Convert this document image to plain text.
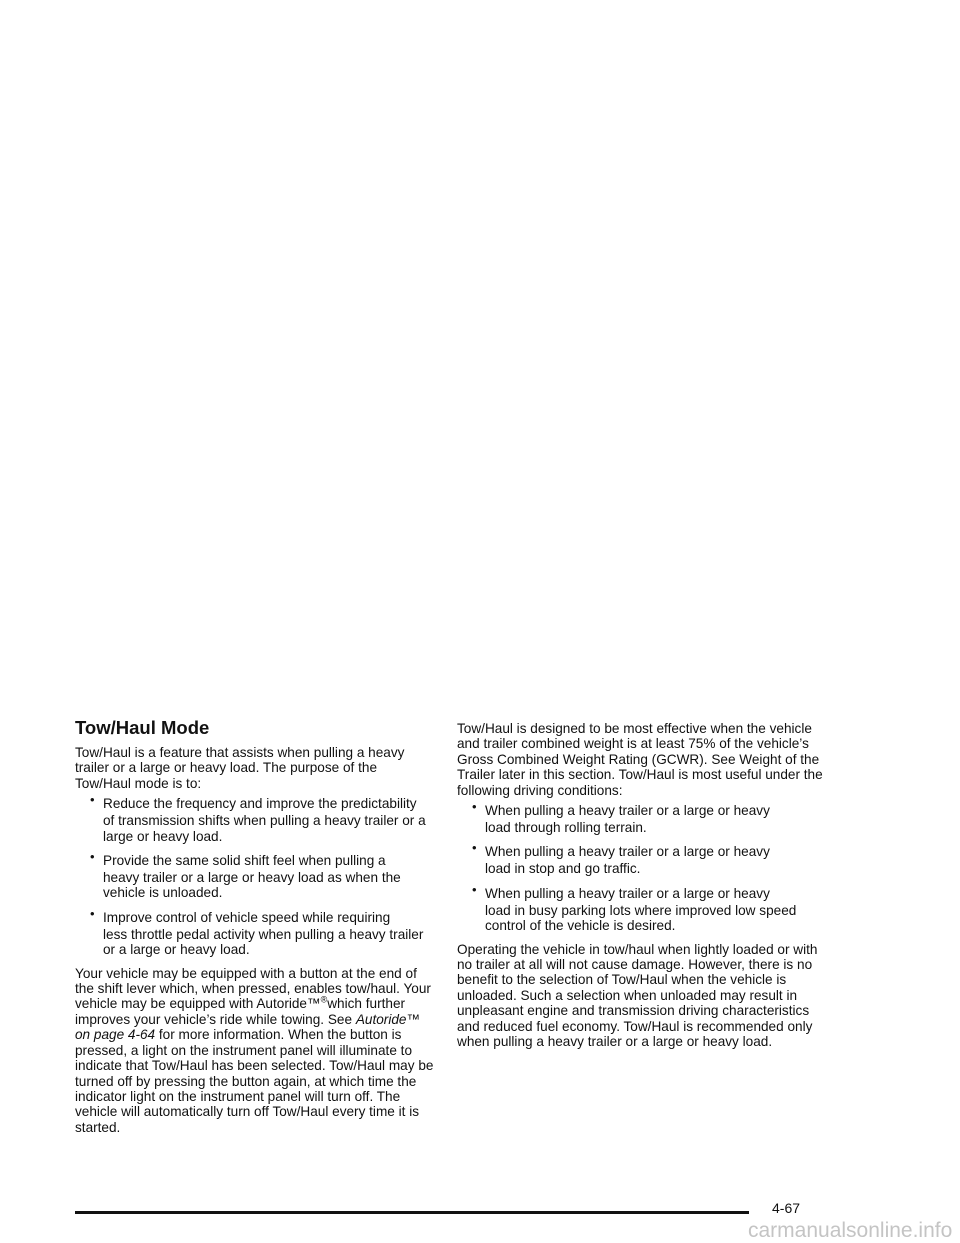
Tow/Haul Mode

Tow/Haul is a feature that assists when pulling a heavy trailer or a large or heavy load. The purpose of the Tow/Haul mode is to:

• Reduce the frequency and improve the predictability
of transmission shifts when pulling a heavy trailer or a large or heavy load.
• Provide the same solid shift feel when pulling a
heavy trailer or a large or heavy load as when the vehicle is unloaded.
• Improve control of vehicle speed while requiring
less throttle pedal activity when pulling a heavy trailer or a large or heavy load.

Your vehicle may be equipped with a button at the end of the shift lever which, when pressed, enables tow/haul. Your vehicle may be equipped with Autoride™®which further improves your vehicle’s ride while towing. See Autoride™ on page 4-64 for more information. When the button is pressed, a light on the instrument panel will illuminate to indicate that Tow/Haul has been selected. Tow/Haul may be turned off by pressing the button again, at which time the indicator light on the instrument panel will turn off. The vehicle will automatically turn off Tow/Haul every time it is started.

Tow/Haul is designed to be most effective when the vehicle and trailer combined weight is at least 75% of the vehicle’s Gross Combined Weight Rating (GCWR). See Weight of the Trailer later in this section. Tow/Haul is most useful under the following driving conditions:

• When pulling a heavy trailer or a large or heavy
load through rolling terrain.
• When pulling a heavy trailer or a large or heavy
load in stop and go traffic.
• When pulling a heavy trailer or a large or heavy
load in busy parking lots where improved low speed control of the vehicle is desired.

Operating the vehicle in tow/haul when lightly loaded or with no trailer at all will not cause damage. However, there is no benefit to the selection of Tow/Haul when the vehicle is unloaded. Such a selection when unloaded may result in unpleasant engine and transmission driving characteristics and reduced fuel economy. Tow/Haul is recommended only when pulling a heavy trailer or a large or heavy load.

4-67
carmanualsonline.info
